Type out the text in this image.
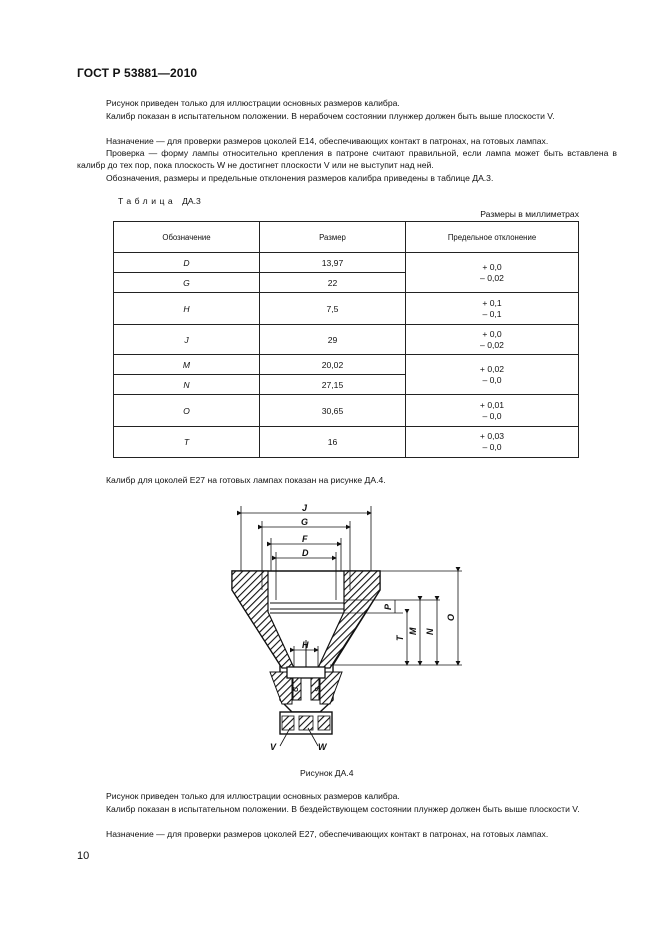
ГОСТ Р 53881—2010
Рисунок приведен только для иллюстрации основных размеров калибра.
Калибр показан в испытательном положении. В нерабочем состоянии плунжер должен быть выше плоскости V.
Назначение — для проверки размеров цоколей E14, обеспечивающих контакт в патронах, на готовых лампах.
Проверка — форму лампы относительно крепления в патроне считают правильной, если лампа может быть вставлена в калибр до тех пор, пока плоскость W не достигнет плоскости V или не выступит над ней.
Обозначения, размеры и предельные отклонения размеров калибра приведены в таблице ДА.3.
Таблица ДА.3
Размеры в миллиметрах
Обозначение	Размер	Предельное отклонение
D	13,97	+ 0,0
– 0,02

G	22	
H	7,5	+ 0,1
– 0,1

J	29	+ 0,0
– 0,02

M	20,02	+ 0,02
– 0,0

N	27,15	
O	30,65	+ 0,01
– 0,0

T	16	+ 0,03
– 0,0
Калибр для цоколей E27 на готовых лампах показан на рисунке ДА.4.
J
G
F
D
H
V	W
O
N
M
T
P
C S
Рисунок ДА.4
Рисунок приведен только для иллюстрации основных размеров калибра.
Калибр показан в испытательном положении. В бездействующем состоянии плунжер должен быть выше плоскости V.
Назначение — для проверки размеров цоколей E27, обеспечивающих контакт в патронах, на готовых лампах.
10
